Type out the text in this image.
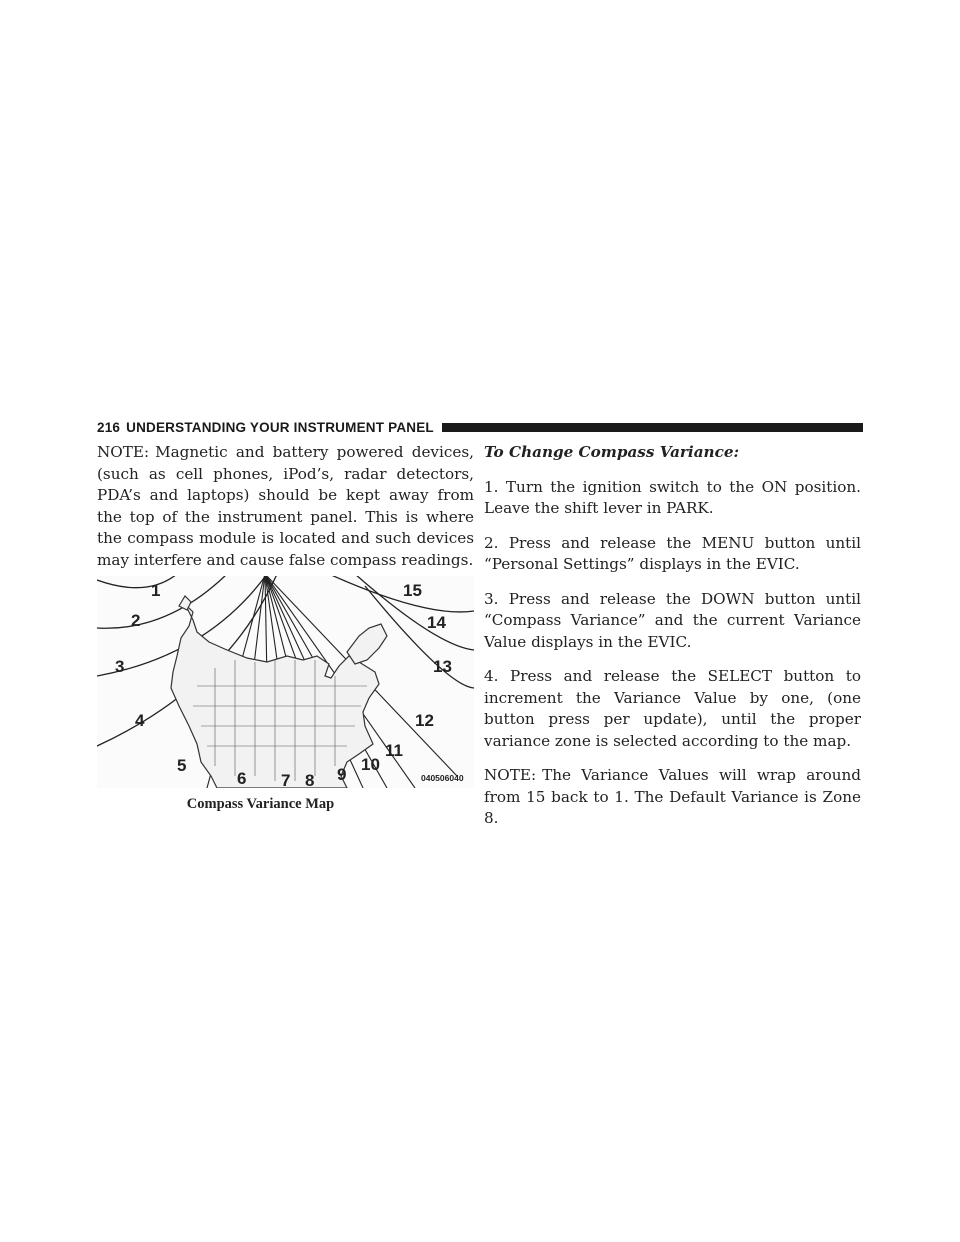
216 UNDERSTANDING YOUR INSTRUMENT PANEL

NOTE: Magnetic and battery powered devices, (such as cell phones, iPod’s, radar detectors, PDA’s and laptops) should be kept away from the top of the instrument panel. This is where the compass module is located and such devices may interfere and cause false compass readings.

1
2
3
4
5
6 7 8 9
10
11
12
13
14
15
040506040
Compass Variance Map

To Change Compass Variance:

1. Turn the ignition switch to the ON position. Leave the shift lever in PARK.

2. Press and release the MENU button until “Personal Settings” displays in the EVIC.

3. Press and release the DOWN button until “Compass Variance” and the current Variance Value displays in the EVIC.

4. Press and release the SELECT button to increment the Variance Value by one, (one button press per update), until the proper variance zone is selected according to the map.

NOTE: The Variance Values will wrap around from 15 back to 1. The Default Variance is Zone 8.
